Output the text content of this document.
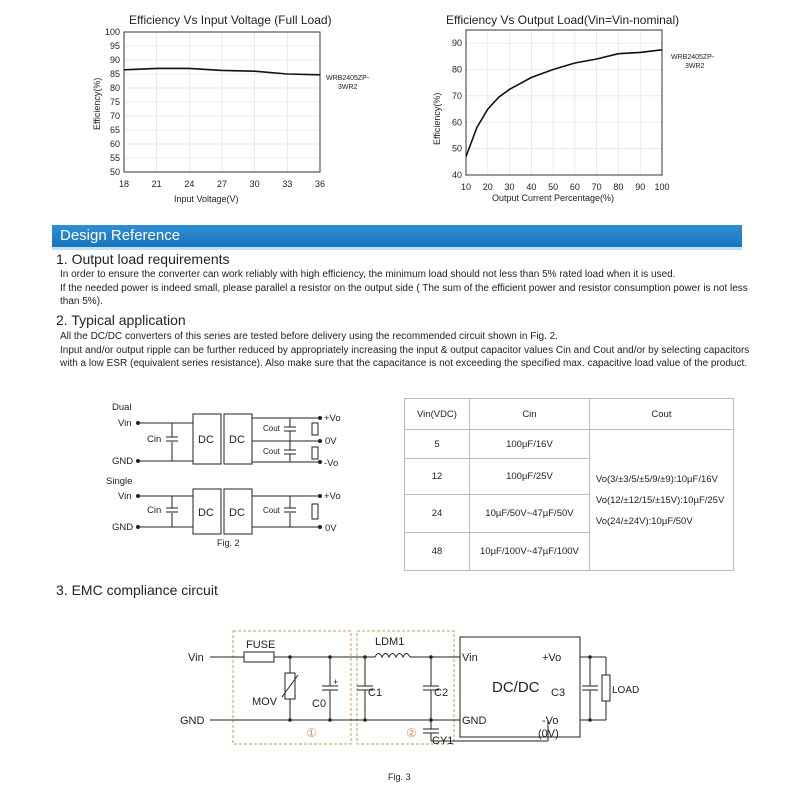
Efficiency Vs Input Voltage (Full Load)
50
55
60
65
70
75
80
85
90
95
100
18	21	24	27	30	33	36
WRB2405ZP-
3WR2
Input Voltage(V)
Efficiency(%)
Efficiency Vs Output Load(Vin=Vin-nominal)
40
50
60
70
80
90
10 20 30 40 50 60 70 80 90 100
WRB2405ZP-
3WR2
Output Current Percentage(%)
Efficiency(%)
Design Reference
1. Output load requirements
In order to ensure the converter can work reliably with high efficiency, the minimum load should not less than 5% rated load when it is used.
If the needed power is indeed small, please parallel a resistor on the output side ( The sum of the efficient power and resistor consumption power is not less than 5%).
2. Typical application
All the DC/DC converters of this series are tested before delivery using the recommended circuit shown in Fig. 2.
Input and/or output ripple can be further reduced by appropriately increasing the input & output capacitor values Cin and Cout and/or by selecting capacitors with a low ESR (equivalent series resistance). Also make sure that the capacitance is not exceeding the specified max. capacitive load value of the product.
Dual
Vin
GND
Cin	DC DC
Cout
Cout
+Vo
0V
-Vo
Single
Vin
GND
Cin	DC DC Cout
+Vo
0V
Fig. 2
Vin(VDC)	Cin	Cout
5	100µF/16V	Vo(3/±3/5/±5/9/±9):10µF/16V
Vo(12/±12/15/±15V):10µF/25V
Vo(24/±24V):10µF/50V

12	100µF/25V	
24	10µF/50V~47µF/50V	
48	10µF/100V~47µF/100V	
3. EMC compliance circuit
Vin
GND
FUSE
MOV	C0
+
LDM1
C1	C2
CY1
DC/DC
Vin
GND
+Vo
-Vo
(0V)
C3	LOAD
①	②
Fig. 3
